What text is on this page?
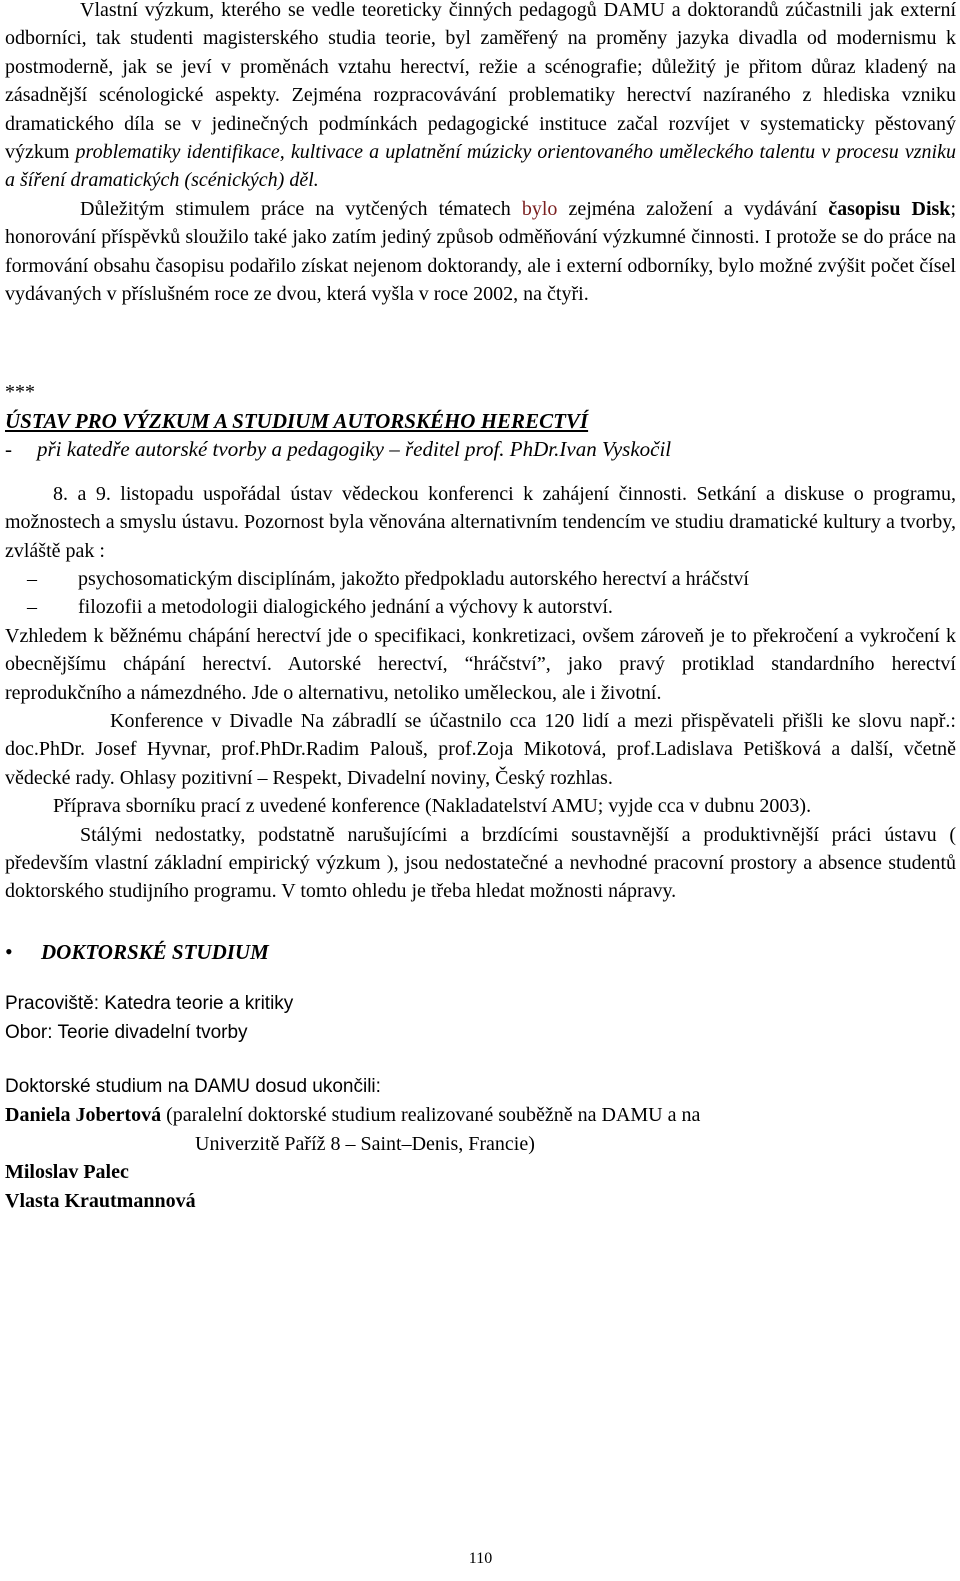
Vlastní výzkum, kterého se vedle teoreticky činných pedagogů DAMU a doktorandů zúčastnili jak externí odborníci, tak studenti magisterského studia teorie, byl zaměřený na proměny jazyka divadla od modernismu k postmoderně, jak se jeví v proměnách vztahu herectví, režie a scénografie; důležitý je přitom důraz kladený na zásadnější scénologické aspekty. Zejména rozpracovávání problematiky herectví nazíraného z hlediska vzniku dramatického díla se v jedinečných podmínkách pedagogické instituce začal rozvíjet v systematicky pěstovaný výzkum problematiky identifikace, kultivace a uplatnění múzicky orientovaného uměleckého talentu v procesu vzniku a šíření dramatických (scénických) děl.

Důležitým stimulem práce na vytčených tématech bylo zejména založení a vydávání časopisu Disk; honorování příspěvků sloužilo také jako zatím jediný způsob odměňování výzkumné činnosti. I protože se do práce na formování obsahu časopisu podařilo získat nejenom doktorandy, ale i externí odborníky, bylo možné zvýšit počet čísel vydávaných v příslušném roce ze dvou, která vyšla v roce 2002, na čtyři.

***
ÚSTAV PRO VÝZKUM A STUDIUM AUTORSKÉHO HERECTVÍ
- při katedře autorské tvorby a pedagogiky – ředitel prof. PhDr.Ivan Vyskočil

8. a 9. listopadu uspořádal ústav vědeckou konferenci k zahájení činnosti. Setkání a diskuse o programu, možnostech a smyslu ústavu. Pozornost byla věnována alternativním tendencím ve studiu dramatické kultury a tvorby, zvláště pak :

– psychosomatickým disciplínám, jakožto předpokladu autorského herectví a hráčství

– filozofii a metodologii dialogického jednání a výchovy k autorství.

Vzhledem k běžnému chápání herectví jde o specifikaci, konkretizaci, ovšem zároveň je to překročení a vykročení k obecnějšímu chápání herectví. Autorské herectví, “hráčství”, jako pravý protiklad standardního herectví reprodukčního a námezdného. Jde o alternativu, netoliko uměleckou, ale i životní.

Konference v Divadle Na zábradlí se účastnilo cca 120 lidí a mezi přispěvateli přišli ke slovu např.: doc.PhDr. Josef Hyvnar, prof.PhDr.Radim Palouš, prof.Zoja Mikotová, prof.Ladislava Petišková a další, včetně vědecké rady. Ohlasy pozitivní – Respekt, Divadelní noviny, Český rozhlas.

Příprava sborníku prací z uvedené konference (Nakladatelství AMU; vyjde cca v dubnu 2003).

Stálými nedostatky, podstatně narušujícími a brzdícími soustavnější a produktivnější práci ústavu ( především vlastní základní empirický výzkum ), jsou nedostatečné a nevhodné pracovní prostory a absence studentů doktorského studijního programu. V tomto ohledu je třeba hledat možnosti nápravy.

•	DOKTORSKÉ STUDIUM
Pracoviště: Katedra teorie a kritiky
Obor: Teorie divadelní tvorby
Doktorské studium na DAMU dosud ukončili:
Daniela Jobertová (paralelní doktorské studium realizované souběžně na DAMU a na
Univerzitě Paříž 8 – Saint–Denis, Francie)
Miloslav Palec
Vlasta Krautmannová
110
